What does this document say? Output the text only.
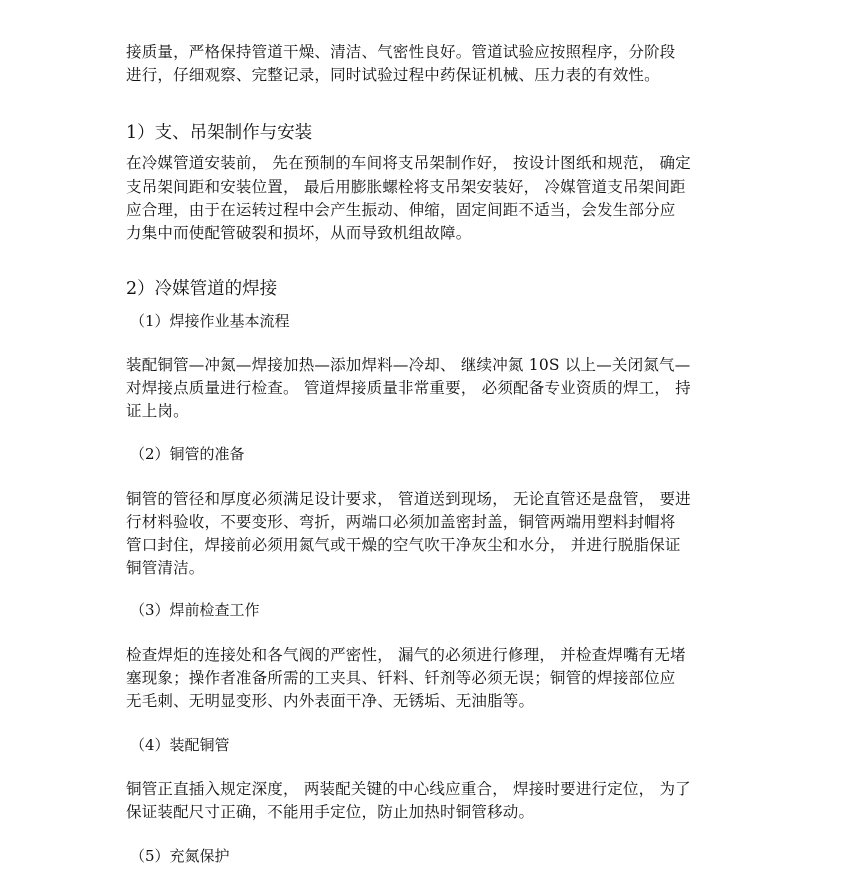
接质量，严格保持管道干燥、清洁、气密性良好。管道试验应按照程序，分阶段
进行，仔细观察、完整记录，同时试验过程中药保证机械、压力表的有效性。
1）支、吊架制作与安装
在冷媒管道安装前， 先在预制的车间将支吊架制作好， 按设计图纸和规范， 确定
支吊架间距和安装位置， 最后用膨胀螺栓将支吊架安装好， 冷媒管道支吊架间距
应合理，由于在运转过程中会产生振动、伸缩，固定间距不适当，会发生部分应
力集中而使配管破裂和损坏，从而导致机组故障。
2）冷媒管道的焊接
（1）焊接作业基本流程
装配铜管—冲氮—焊接加热—添加焊料—冷却、 继续冲氮 10S 以上—关闭氮气—
对焊接点质量进行检查。 管道焊接质量非常重要， 必须配备专业资质的焊工， 持
证上岗。
（2）铜管的准备
铜管的管径和厚度必须满足设计要求， 管道送到现场， 无论直管还是盘管， 要进
行材料验收，不要变形、弯折，两端口必须加盖密封盖，铜管两端用塑料封帽将
管口封住，焊接前必须用氮气或干燥的空气吹干净灰尘和水分， 并进行脱脂保证
铜管清洁。
（3）焊前检查工作
检查焊炬的连接处和各气阀的严密性， 漏气的必须进行修理， 并检查焊嘴有无堵
塞现象；操作者准备所需的工夹具、钎料、钎剂等必须无误；铜管的焊接部位应
无毛刺、无明显变形、内外表面干净、无锈垢、无油脂等。
（4）装配铜管
铜管正直插入规定深度， 两装配关键的中心线应重合， 焊接时要进行定位， 为了
保证装配尺寸正确，不能用手定位，防止加热时铜管移动。
（5）充氮保护
